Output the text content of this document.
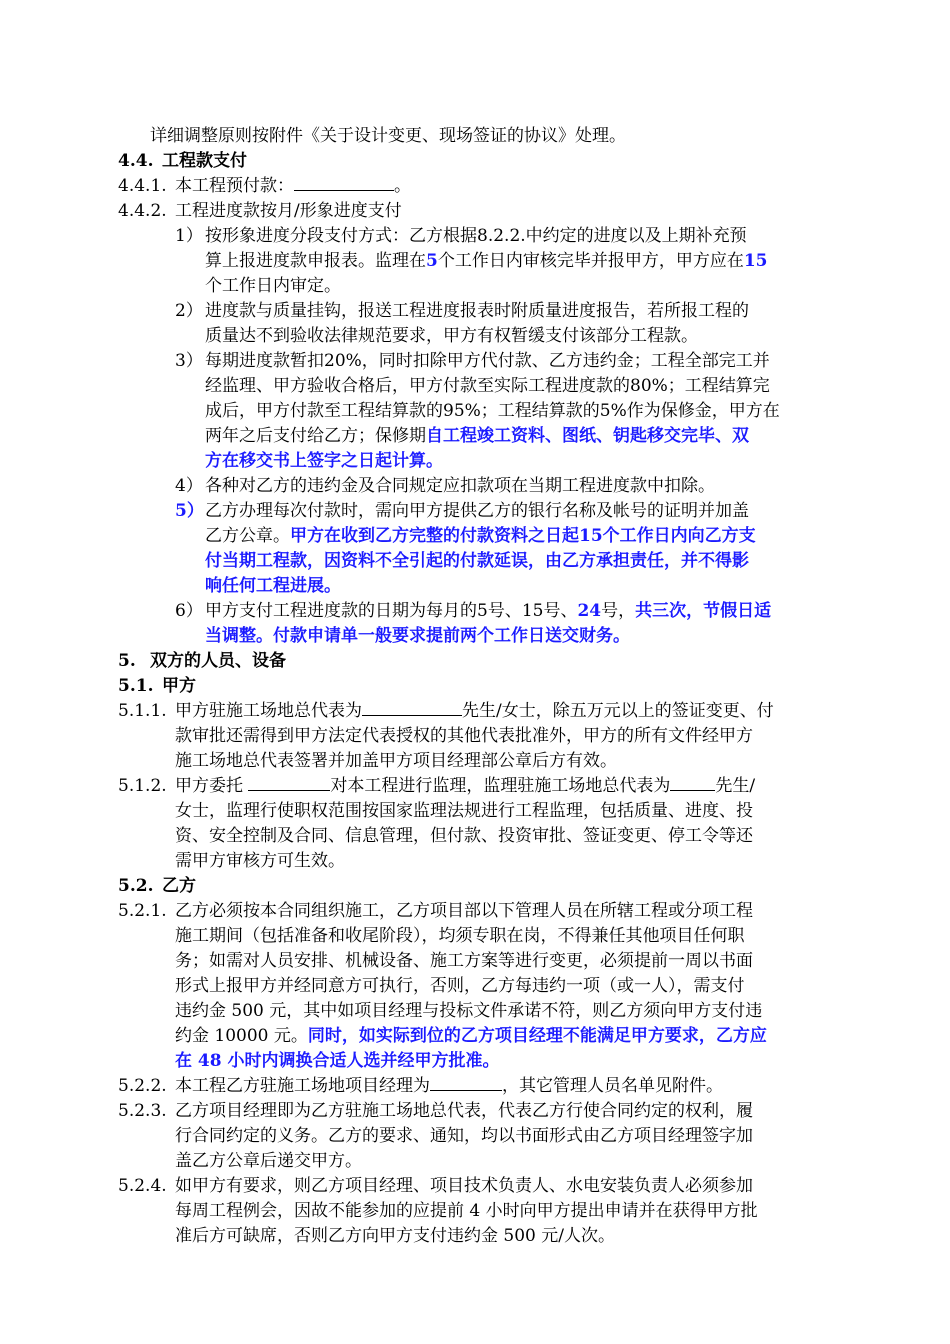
详细调整原则按附件《关于设计变更、现场签证的协议》处理。
4.4. 工程款支付
4.4.1. 本工程预付款：	。
4.4.2. 工程进度款按月/形象进度支付
1） 按形象进度分段支付方式：乙方根据8.2.2.中约定的进度以及上期补充预
算上报进度款申报表。监理在5个工作日内审核完毕并报甲方，甲方应在15
个工作日内审定。
2） 进度款与质量挂钩，报送工程进度报表时附质量进度报告，若所报工程的
质量达不到验收法律规范要求，甲方有权暂缓支付该部分工程款。
3） 每期进度款暂扣20%，同时扣除甲方代付款、乙方违约金；工程全部完工并
经监理、甲方验收合格后，甲方付款至实际工程进度款的80%；工程结算完
成后，甲方付款至工程结算款的95%；工程结算款的5%作为保修金，甲方在
两年之后支付给乙方；保修期自工程竣工资料、图纸、钥匙移交完毕、双
方在移交书上签字之日起计算。
4） 各种对乙方的违约金及合同规定应扣款项在当期工程进度款中扣除。
5） 乙方办理每次付款时，需向甲方提供乙方的银行名称及帐号的证明并加盖
乙方公章。甲方在收到乙方完整的付款资料之日起15个工作日内向乙方支
付当期工程款，因资料不全引起的付款延误，由乙方承担责任，并不得影
响任何工程进展。
6） 甲方支付工程进度款的日期为每月的5号、15号、24号，共三次，节假日适
当调整。付款申请单一般要求提前两个工作日送交财务。
5. 双方的人员、设备
5.1. 甲方
5.1.1. 甲方驻施工场地总代表为	先生/女士，除五万元以上的签证变更、付
款审批还需得到甲方法定代表授权的其他代表批准外，甲方的所有文件经甲方
施工场地总代表签署并加盖甲方项目经理部公章后方有效。
5.1.2. 甲方委托	对本工程进行监理，监理驻施工场地总代表为	先生/
女士，监理行使职权范围按国家监理法规进行工程监理，包括质量、进度、投
资、安全控制及合同、信息管理，但付款、投资审批、签证变更、停工令等还
需甲方审核方可生效。
5.2. 乙方
5.2.1. 乙方必须按本合同组织施工，乙方项目部以下管理人员在所辖工程或分项工程
施工期间（包括准备和收尾阶段），均须专职在岗，不得兼任其他项目任何职
务；如需对人员安排、机械设备、施工方案等进行变更，必须提前一周以书面
形式上报甲方并经同意方可执行，否则，乙方每违约一项（或一人），需支付
违约金 500 元，其中如项目经理与投标文件承诺不符，则乙方须向甲方支付违
约金 10000 元。同时，如实际到位的乙方项目经理不能满足甲方要求，乙方应
在 48 小时内调换合适人选并经甲方批准。
5.2.2. 本工程乙方驻施工场地项目经理为	，其它管理人员名单见附件。
5.2.3. 乙方项目经理即为乙方驻施工场地总代表，代表乙方行使合同约定的权利，履
行合同约定的义务。乙方的要求、通知，均以书面形式由乙方项目经理签字加
盖乙方公章后递交甲方。
5.2.4. 如甲方有要求，则乙方项目经理、项目技术负责人、水电安装负责人必须参加
每周工程例会，因故不能参加的应提前 4 小时向甲方提出申请并在获得甲方批
准后方可缺席，否则乙方向甲方支付违约金 500 元/人次。
